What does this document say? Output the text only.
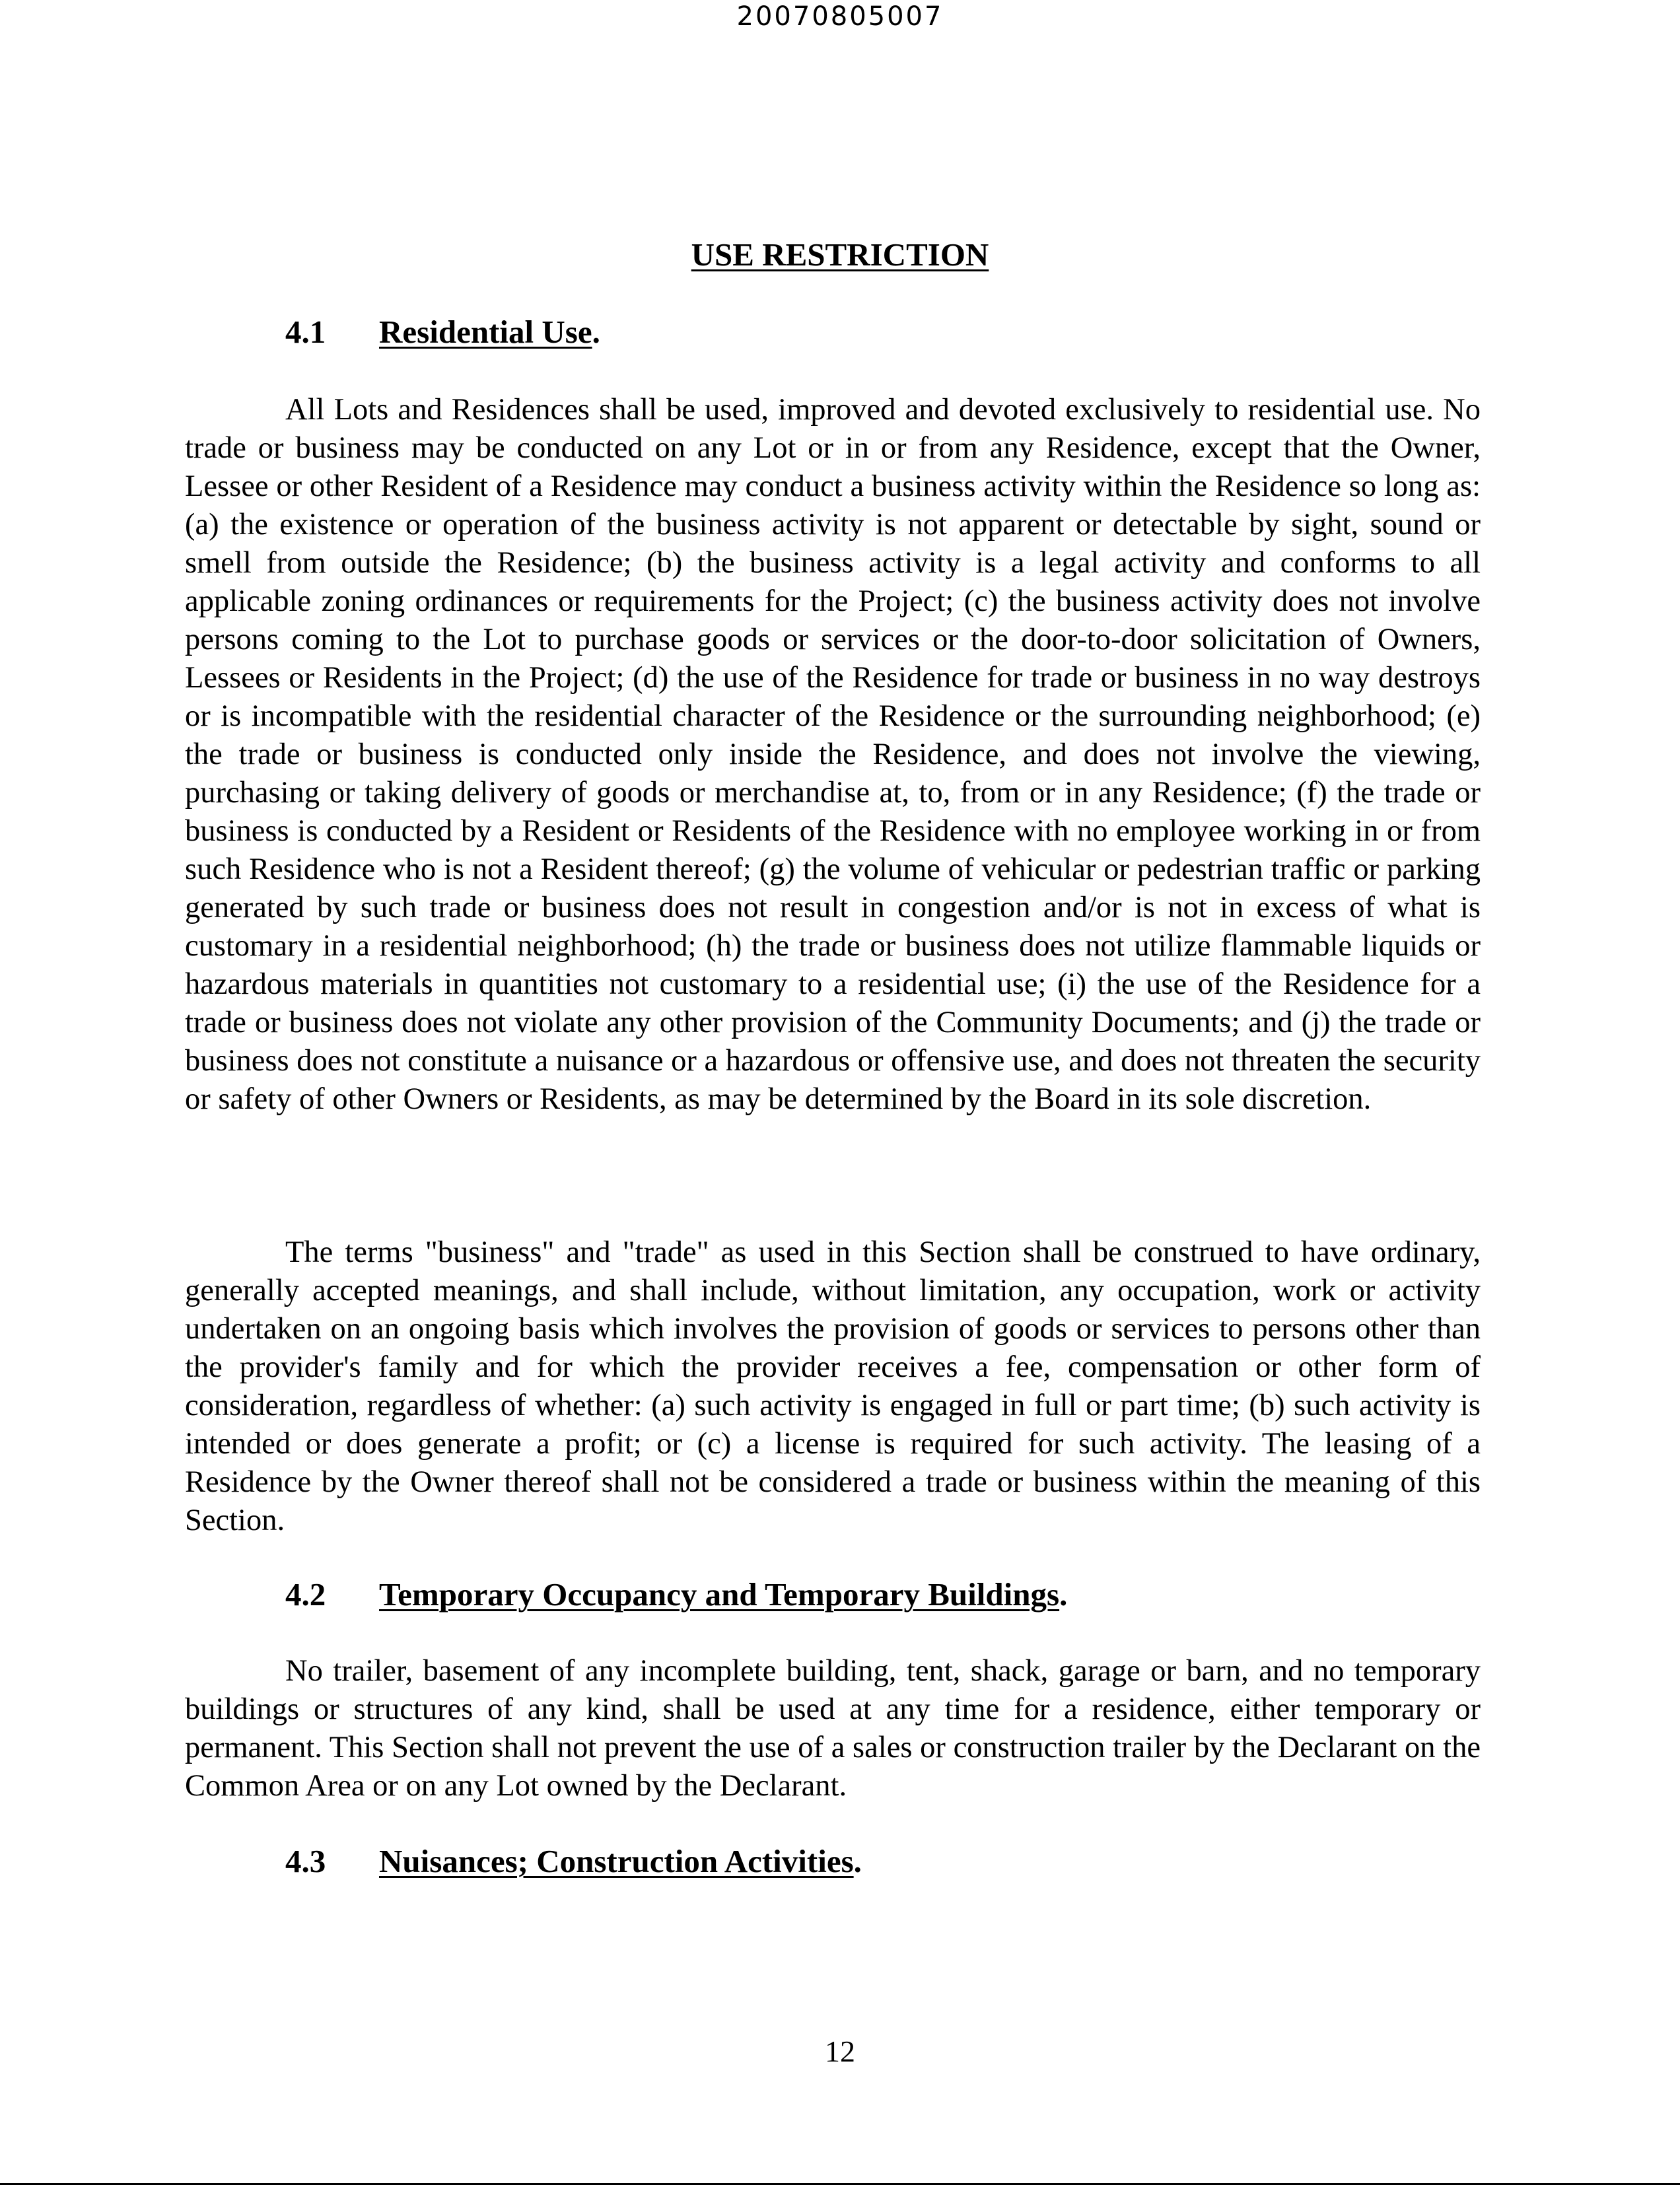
20070805007
USE RESTRICTION
4.1 Residential Use.

All Lots and Residences shall be used, improved and devoted exclusively to residential use. No trade or business may be conducted on any Lot or in or from any Residence, except that the Owner, Lessee or other Resident of a Residence may conduct a business activity within the Residence so long as: (a) the existence or operation of the business activity is not apparent or detectable by sight, sound or smell from outside the Residence; (b) the business activity is a legal activity and conforms to all applicable zoning ordinances or requirements for the Project; (c) the business activity does not involve persons coming to the Lot to purchase goods or services or the door-to-door solicitation of Owners, Lessees or Residents in the Project; (d) the use of the Residence for trade or business in no way destroys or is incompatible with the residential character of the Residence or the surrounding neighborhood; (e) the trade or business is conducted only inside the Residence, and does not involve the viewing, purchasing or taking delivery of goods or merchandise at, to, from or in any Residence; (f) the trade or business is conducted by a Resident or Residents of the Residence with no employee working in or from such Residence who is not a Resident thereof; (g) the volume of vehicular or pedestrian traffic or parking generated by such trade or business does not result in congestion and/or is not in excess of what is customary in a residential neighborhood; (h) the trade or business does not utilize flammable liquids or hazardous materials in quantities not customary to a residential use; (i) the use of the Residence for a trade or business does not violate any other provision of the Community Documents; and (j) the trade or business does not constitute a nuisance or a hazardous or offensive use, and does not threaten the security or safety of other Owners or Residents, as may be determined by the Board in its sole discretion.

The terms "business" and "trade" as used in this Section shall be construed to have ordinary, generally accepted meanings, and shall include, without limitation, any occupation, work or activity undertaken on an ongoing basis which involves the provision of goods or services to persons other than the provider's family and for which the provider receives a fee, compensation or other form of consideration, regardless of whether: (a) such activity is engaged in full or part time; (b) such activity is intended or does generate a profit; or (c) a license is required for such activity. The leasing of a Residence by the Owner thereof shall not be considered a trade or business within the meaning of this Section.

4.2 Temporary Occupancy and Temporary Buildings.

No trailer, basement of any incomplete building, tent, shack, garage or barn, and no temporary buildings or structures of any kind, shall be used at any time for a residence, either temporary or permanent. This Section shall not prevent the use of a sales or construction trailer by the Declarant on the Common Area or on any Lot owned by the Declarant.

4.3 Nuisances; Construction Activities.
12
